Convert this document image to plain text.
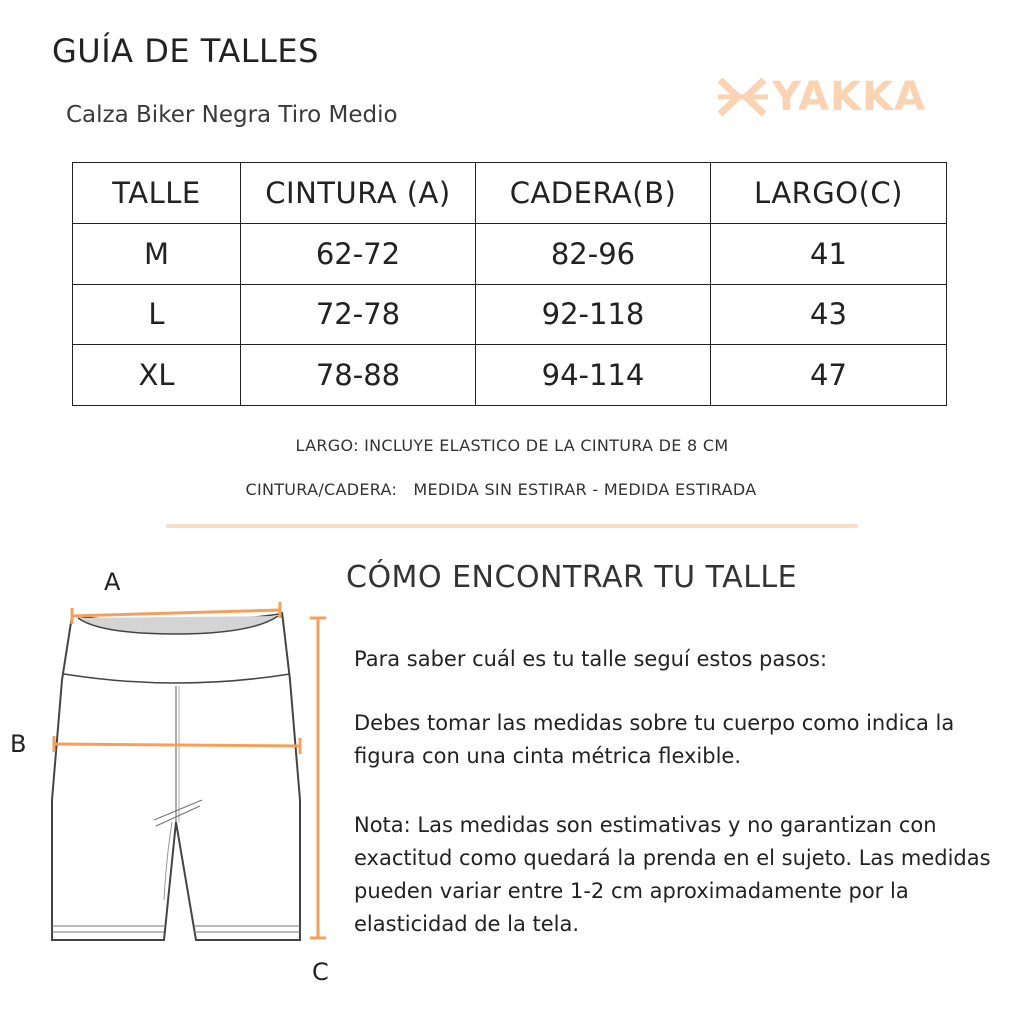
GUÍA DE TALLES
Calza Biker Negra Tiro Medio	YAKKA
TALLE	CINTURA (A)	CADERA(B)	LARGO(C)
M	62-72	82-96	41
L	72-78	92-118	43
XL	78-88	94-114	47
LARGO: INCLUYE ELASTICO DE LA CINTURA DE 8 CM
CINTURA/CADERA:   MEDIDA SIN ESTIRAR - MEDIDA ESTIRADA
CÓMO ENCONTRAR TU TALLE
Para saber cuál es tu talle seguí estos pasos:
Debes tomar las medidas sobre tu cuerpo como indica la figura con una cinta métrica flexible.
Nota: Las medidas son estimativas y no garantizan con exactitud como quedará la prenda en el sujeto. Las medidas pueden variar entre 1-2 cm aproximadamente por la elasticidad de la tela.
A
B
C
